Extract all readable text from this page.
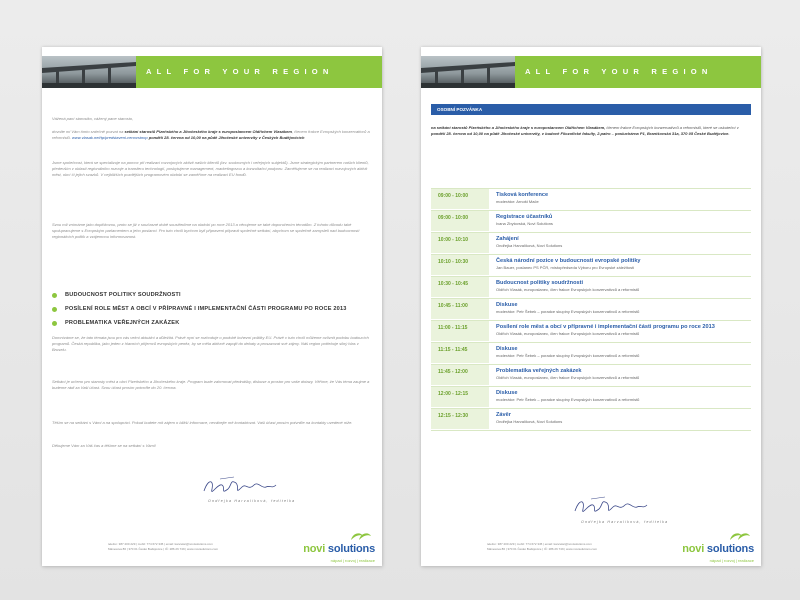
ALL FOR YOUR REGION
Vážená paní starostko, vážený pane starosto,
dovolte mi Vám tímto srdečně pozvat na setkání starostů Plzeňského a Jihočeského kraje s europoslancem Oldřichem Vlasákem, členem frakce Evropských konzervativců a reformistů. www.vlasak.net/tp/predstaveni-cenovstnop pondělí 28. června od 10,00 na půdě Jihočeské univerzity v Českých Budějovicích
Jsme společnost, která se specializuje na pomoc při realizaci rozvojových aktivit našich klientů (tzv. soukromých i veřejných subjektů). Jsme strategickým partnerem našich klientů, především v oblasti regionálního rozvoje a transferu technologií, poskytujeme management, marketingovou a konzultační podporu. Zaměřujeme se na realizaci rozvojových aktivit měst, obcí či jejich svazků. V nejbližších pozdějších programovém období se zaměříme na realizaci EU fondů.
Svou roli vnímáme jako doplňkovou, proto se již v současné době soustředíme na období po roce 2013 a věnujeme se také doporučením tématům. Z tohoto důvodu také spolupracujeme s Evropským parlamentem a jeho poslanci. Pro tuto chvíli bychom byli připraveni připravit společné setkání, abychom se společně zamysleli nad budoucností regionálních politik a vzájemnou informovanost.
BUDOUCNOST POLITIKY SOUDRŽNOSTI
POSÍLENÍ ROLE MĚST A OBCÍ V PŘÍPRAVNÉ I IMPLEMENTAČNÍ ČÁSTI PROGRAMU PO ROCE 2013
PROBLEMATIKA VEŘEJNÝCH ZAKÁZEK
Domníváme se, že tato témata jsou pro vás velmi aktuální a důležitá. Právě nyní se rozhoduje o podobě kohezní politiky EU. Právě v tuto chvíli můžeme ovlivnit podobu budoucích programů. Česká republika, jako jeden z hlavních příjemců evropských peněz, by se měla aktivně zapojit do debaty a prosazovat své zájmy. Náš region potřebuje silný hlas v Bruselu.
Setkání je určeno pro starosty měst a obcí Plzeňského a Jihočeského kraje. Program bude zahrnovat přednášky, diskuse a prostor pro vaše dotazy. Věříme, že Vás téma zaujme a budeme rádi za Vaši účast. Svou účast prosím potvrďte do 20. června.
Těším se na setkání s Vámi a na spolupráci. Pokud budete mít zájem o bližší informace, neváhejte mě kontaktovat. Vaši účast prosím potvrďte na kontakty uvedené níže.
Děkujeme Vám za Váš čas a těšíme se na setkání s Vámi!
Ondřejka Harvalíková, ředitelka
telefon: 387 200 229 | mobil: 774 672 345 | email: kancelar@novisolutions.com
Mánesova 86 | 370 01 České Budějovice | IČ: 286 26 749 | www.novisolutions.com	novi solutions
nápad | rozvoj | realizace
ALL FOR YOUR REGION
OSOBNÍ POZVÁNKA
na setkání starostů Plzeňského a Jihočeského kraje s europoslancem Oldřichem Vlasákem, členem frakce Evropských konzervativců a reformistů, které se uskuteční v pondělí 28. června od 10,00 na půdě Jihočeské univerzity, v budově Filozofické fakulty, 2.patro – posluchárna P1, Branišovská 31a, 370 05 České Budějovice.
09:00 - 10:00	Tisková konference
moderátor: Arnošt Mače
09:00 - 10:00	Registrace účastníků
Ivana Zbytovská, Novi Solutions
10:00 - 10:10	Zahájení
Ondřejka Harvalíková, Novi Solutions
10:10 - 10:30	Česká národní pozice v budoucnosti evropské politiky
Jan Bauer, poslanec PS PČR, místopředseda Výboru pro Evropské záležitosti
10:30 - 10:45	Budoucnost politiky soudržnosti
Oldřich Vlasák, europoslanec, člen frakce Evropských konzervativců a reformistů
10:45 - 11:00	Diskuse
moderátor: Petr Šebek – poradce skupiny Evropských konzervativců a reformistů
11:00 - 11:15	Posílení role měst a obcí v přípravné i implementační části programu po roce 2013
Oldřich Vlasák, europoslanec, člen frakce Evropských konzervativců a reformistů
11:15 - 11:45	Diskuse
moderátor: Petr Šebek – poradce skupiny Evropských konzervativců a reformistů
11:45 - 12:00	Problematika veřejných zakázek
Oldřich Vlasák, europoslanec, člen frakce Evropských konzervativců a reformistů
12:00 - 12:15	Diskuse
moderátor: Petr Šebek – poradce skupiny Evropských konzervativců a reformistů
12:15 - 12:30	Závěr
Ondřejka Harvalíková, Novi Solutions
Ondřejka Harvalíková, ředitelka
telefon: 387 200 229 | mobil: 774 672 345 | email: kancelar@novisolutions.com
Mánesova 86 | 370 01 České Budějovice | IČ: 286 26 749 | www.novisolutions.com	novi solutions
nápad | rozvoj | realizace
